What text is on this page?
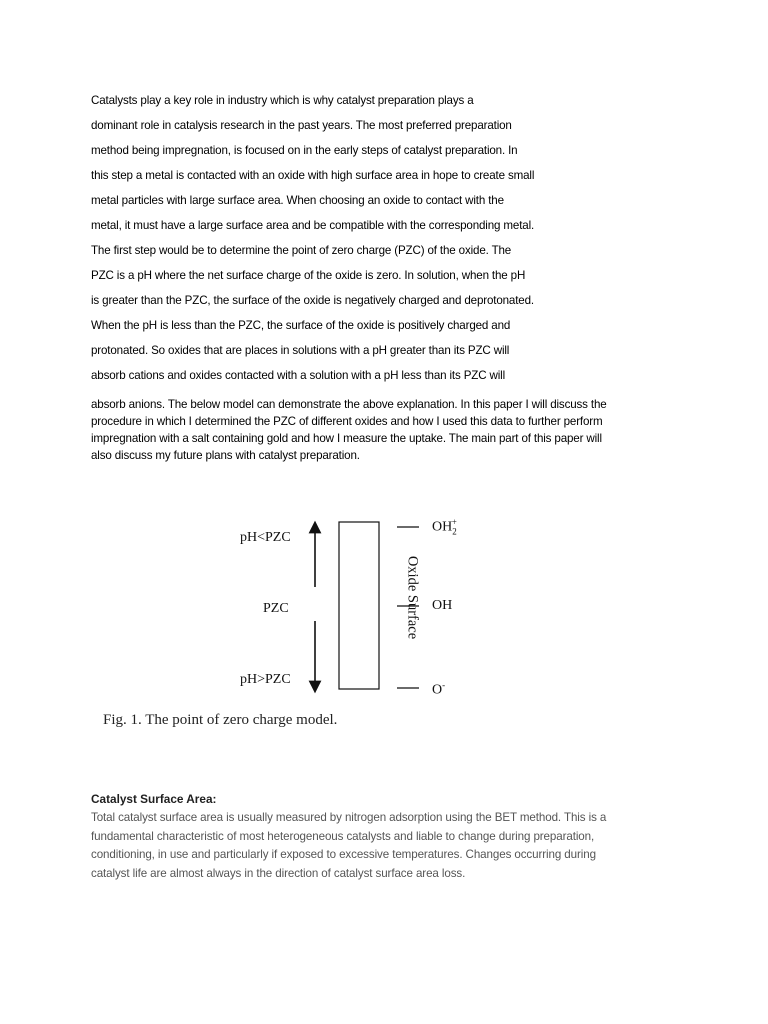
Catalysts play a key role in industry which is why catalyst preparation plays a
dominant role in catalysis research in the past years. The most preferred preparation
method being impregnation, is focused on in the early steps of catalyst preparation. In
this step a metal is contacted with an oxide with high surface area in hope to create small
metal particles with large surface area. When choosing an oxide to contact with the
metal, it must have a large surface area and be compatible with the corresponding metal.
The first step would be to determine the point of zero charge (PZC) of the oxide. The
PZC is a pH where the net surface charge of the oxide is zero. In solution, when the pH
is greater than the PZC, the surface of the oxide is negatively charged and deprotonated.
When the pH is less than the PZC, the surface of the oxide is positively charged and
protonated. So oxides that are places in solutions with a pH greater than its PZC will
absorb cations and oxides contacted with a solution with a pH less than its PZC will
absorb anions. The below model can demonstrate the above explanation. In this paper I will discuss the
procedure in which I determined the PZC of different oxides and how I used this data to further perform
impregnation with a salt containing gold and how I measure the uptake. The main part of this paper will
also discuss my future plans with catalyst preparation.
pH<PZC
PZC
pH>PZC
Oxide Surface
$OH_2^+$
OH
O-
Fig. 1. The point of zero charge model.
Catalyst Surface Area:
Total catalyst surface area is usually measured by nitrogen adsorption using the BET method. This is a
fundamental characteristic of most heterogeneous catalysts and liable to change during preparation,
conditioning, in use and particularly if exposed to excessive temperatures. Changes occurring during
catalyst life are almost always in the direction of catalyst surface area loss.
